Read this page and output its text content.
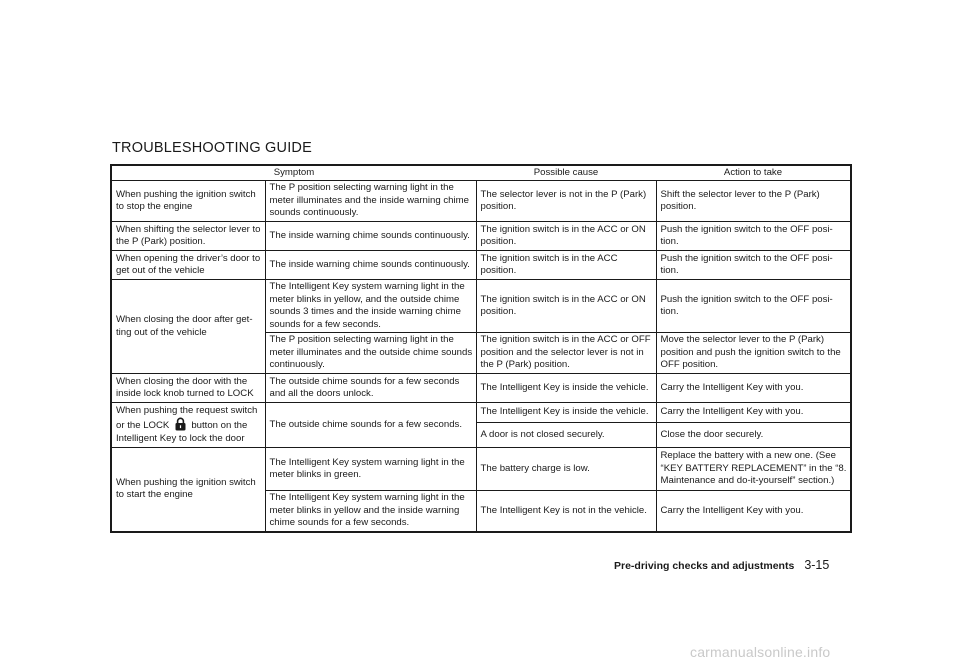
TROUBLESHOOTING GUIDE
Symptom		Possible cause	Action to take
When pushing the ignition switch to stop the engine	The P position selecting warning light in the meter illuminates and the inside warning chime sounds continuously.	The selector lever is not in the P (Park) position.	Shift the selector lever to the P (Park) position.
When shifting the selector lever to the P (Park) position.	The inside warning chime sounds continuously.	The ignition switch is in the ACC or ON position.	Push the ignition switch to the OFF posi-tion.
When opening the driver’s door to get out of the vehicle	The inside warning chime sounds continuously.	The ignition switch is in the ACC position.	Push the ignition switch to the OFF posi-tion.
When closing the door after get-ting out of the vehicle	The Intelligent Key system warning light in the meter blinks in yellow, and the outside chime sounds 3 times and the inside warning chime sounds for a few seconds.	The ignition switch is in the ACC or ON position.	Push the ignition switch to the OFF posi-tion.
	The P position selecting warning light in the meter illuminates and the outside chime sounds continuously.	The ignition switch is in the ACC or OFF position and the selector lever is not in the P (Park) position.	Move the selector lever to the P (Park) position and push the ignition switch to the OFF position.
When closing the door with the inside lock knob turned to LOCK	The outside chime sounds for a few seconds and all the doors unlock.	The Intelligent Key is inside the vehicle.	Carry the Intelligent Key with you.
When pushing the request switch or the LOCK button on the Intelligent Key to lock the door	The outside chime sounds for a few seconds.	The Intelligent Key is inside the vehicle.	Carry the Intelligent Key with you.
		A door is not closed securely.	Close the door securely.
When pushing the ignition switch to start the engine	The Intelligent Key system warning light in the meter blinks in green.	The battery charge is low.	Replace the battery with a new one. (See “KEY BATTERY REPLACEMENT” in the “8. Maintenance and do-it-yourself” section.)
	The Intelligent Key system warning light in the meter blinks in yellow and the inside warning chime sounds for a few seconds.	The Intelligent Key is not in the vehicle.	Carry the Intelligent Key with you.
Pre-driving checks and adjustments 3-15
carmanualsonline.info
